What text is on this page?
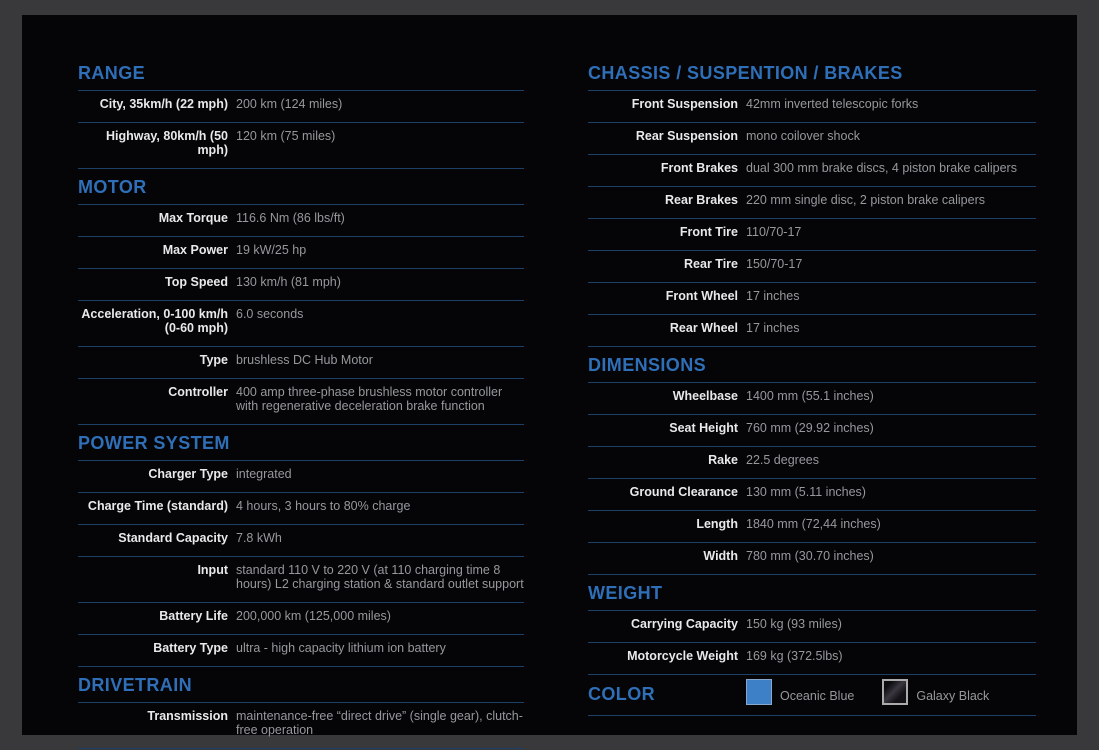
RANGE
City, 35km/h (22 mph) 200 km (124 miles)
Highway, 80km/h (50 mph)
120 km (75 miles)
MOTOR
Max Torque 116.6 Nm (86 lbs/ft)
Max Power 19 kW/25 hp
Top Speed 130 km/h (81 mph)
Acceleration, 0-100 km/h (0-60 mph)
6.0 seconds
Type brushless DC Hub Motor
Controller 400 amp three-phase brushless motor controller with regenerative deceleration brake function
POWER SYSTEM
Charger Type integrated
Charge Time (standard) 4 hours, 3 hours to 80% charge
Standard Capacity 7.8 kWh
Input standard 110 V to 220 V (at 110 charging time 8 hours) L2 charging station & standard outlet support
Battery Life 200,000 km (125,000 miles)
Battery Type ultra - high capacity lithium ion battery
DRIVETRAIN
Transmission maintenance-free “direct drive” (single gear), clutch-free operation
CHASSIS / SUSPENTION / BRAKES
Front Suspension 42mm inverted telescopic forks
Rear Suspension mono coilover shock
Front Brakes dual 300 mm brake discs, 4 piston brake calipers
Rear Brakes 220 mm single disc, 2 piston brake calipers
Front Tire 110/70-17
Rear Tire 150/70-17
Front Wheel 17 inches
Rear Wheel 17 inches
DIMENSIONS
Wheelbase 1400 mm (55.1 inches)
Seat Height 760 mm (29.92 inches)
Rake 22.5 degrees
Ground Clearance 130 mm (5.11 inches)
Length 1840 mm (72,44 inches)
Width 780 mm (30.70 inches)
WEIGHT
Carrying Capacity 150 kg (93 miles)
Motorcycle Weight 169 kg (372.5lbs)
COLOR	Oceanic Blue	Galaxy Black
